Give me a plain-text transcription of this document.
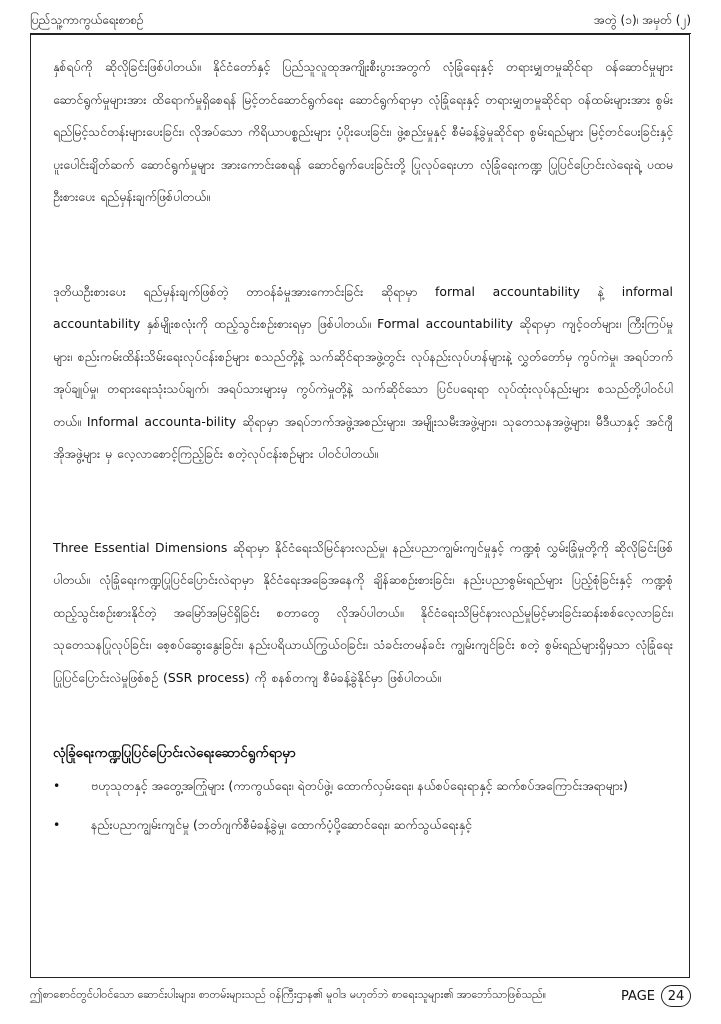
ပြည်သူ့ကာကွယ်ရေးစာစဥ်	အတွဲ (၁)၊ အမှတ် (၂)

နှစ်ရပ်ကို ဆိုလိုခြင်းဖြစ်ပါတယ်။ နိုင်ငံတော်နှင့် ပြည်သူလူထုအကျိုးစီးပွားအတွက် လုံခြုံရေးနှင့် တရားမျှတမှုဆိုင်ရာ ဝန်ဆောင်မှုများ ဆောင်ရွက်မှုများအား ထိရောက်မှုရှိစေရန် မြင့်တင်ဆောင်ရွက်ရေး ဆောင်ရွက်ရာမှာ လုံခြုံရေးနှင့် တရားမျှတမှုဆိုင်ရာ ဝန်ထမ်းများအား စွမ်းရည်မြင့်သင်တန်းများပေးခြင်း၊ လိုအပ်သော ကိရိယာပစ္စည်းများ ပံ့ပိုးပေးခြင်း၊ ဖွဲ့စည်းမှုနှင့် စီမံခန့်ခွဲမှုဆိုင်ရာ စွမ်းရည်များ မြင့်တင်ပေးခြင်းနှင့် ပူးပေါင်းချိတ်ဆက် ဆောင်ရွက်မှုများ အားကောင်းစေရန် ဆောင်ရွက်ပေးခြင်းတို့ ပြုလုပ်ရေးဟာ လုံခြုံရေးကဏ္ဍ ပြုပြင်ပြောင်းလဲရေးရဲ့ ပထမဦးစားပေး ရည်မှန်းချက်ဖြစ်ပါတယ်။

ဒုတိယဦးစားပေး ရည်မှန်းချက်ဖြစ်တဲ့ တာဝန်ခံမှုအားကောင်းခြင်း ဆိုရာမှာ formal accountability နဲ့ informal accountability နှစ်မျိုးစလုံးကို ထည့်သွင်းစဥ်းစားရမှာ ဖြစ်ပါတယ်။ Formal accountability ဆိုရာမှာ ကျင့်ဝတ်များ၊ ကြီးကြပ်မှုများ၊ စည်းကမ်းထိန်းသိမ်းရေးလုပ်ငန်းစဥ်များ စသည်တို့နဲ့ သက်ဆိုင်ရာအဖွဲ့တွင်း လုပ်နည်းလုပ်ဟန်များနဲ့ လွှတ်တော်မှ ကွပ်ကဲမှု၊ အရပ်ဘက် အုပ်ချုပ်မှု၊ တရားရေးသုံးသပ်ချက်၊ အရပ်သားများမှ ကွပ်ကဲမှုတို့နဲ့ သက်ဆိုင်သော ပြင်ပရေးရာ လုပ်ထုံးလုပ်နည်းများ စသည်တို့ပါဝင်ပါတယ်။ Informal accounta-bility ဆိုရာမှာ အရပ်ဘက်အဖွဲ့အစည်းများ၊ အမျိုးသမီးအဖွဲ့များ၊ သုတေသနအဖွဲ့များ၊ မီဒီယာနှင့် အင်ဂျီအိုအဖွဲ့များ မှ လေ့လာစောင့်ကြည့်ခြင်း စတဲ့လုပ်ငန်းစဥ်များ ပါဝင်ပါတယ်။

Three Essential Dimensions ဆိုရာမှာ နိုင်ငံရေးသိမြင်နားလည်မှု၊ နည်းပညာကျွမ်းကျင်မှုနှင့် ကဏ္ဍစုံ လွှမ်းခြုံမှုတို့ကို ဆိုလိုခြင်းဖြစ်ပါတယ်။ လုံခြုံရေးကဏ္ဍပြုပြင်ပြောင်းလဲရာမှာ နိုင်ငံရေးအခြေအနေကို ချိန်ဆစဥ်းစားခြင်း၊ နည်းပညာစွမ်းရည်များ ပြည့်စုံခြင်းနှင့် ကဏ္ဍစုံ ထည့်သွင်းစဥ်းစားနိုင်တဲ့ အမြော်အမြင်ရှိခြင်း စတာတွေ လိုအပ်ပါတယ်။ နိုင်ငံရေးသိမြင်နားလည်မှုမြင့်မားခြင်းဆန်းစစ်လေ့လာခြင်း၊ သုတေသနပြုလုပ်ခြင်း၊ စေ့စပ်ဆွေးနွေးခြင်း၊ နည်းပရိယာယ်ကြွယ်ဝခြင်း၊ သံခင်းတမန်ခင်း ကျွမ်းကျင်ခြင်း စတဲ့ စွမ်းရည်များရှိမှသာ လုံခြုံရေးပြုပြင်ပြောင်းလဲမှုဖြစ်စဥ် (SSR process) ကို စနစ်တကျ စီမံခန့်ခွဲနိုင်မှာ ဖြစ်ပါတယ်။

လုံခြုံရေးကဏ္ဍပြုပြင်ပြောင်းလဲရေးဆောင်ရွက်ရာမှာ
•	ဗဟုသုတနှင့် အတွေ့အကြုံများ (ကာကွယ်ရေး၊ ရဲတပ်ဖွဲ့၊ ထောက်လှမ်းရေး၊ နယ်စပ်ရေးရာနှင့် ဆက်စပ်အကြောင်းအရာများ)
•	နည်းပညာကျွမ်းကျင်မှု (ဘတ်ဂျက်စီမံခန့်ခွဲမှု၊ ထောက်ပံ့ပို့ဆောင်ရေး၊ ဆက်သွယ်ရေးနှင့်
ဤစာစောင်တွင်ပါဝင်သော ဆောင်းပါးများ၊ စာတမ်းများသည် ဝန်ကြီးဌာန၏ မူဝါဒ မဟုတ်ဘဲ စာရေးသူများ၏ အာဘော်သာဖြစ်သည်။	PAGE 24
